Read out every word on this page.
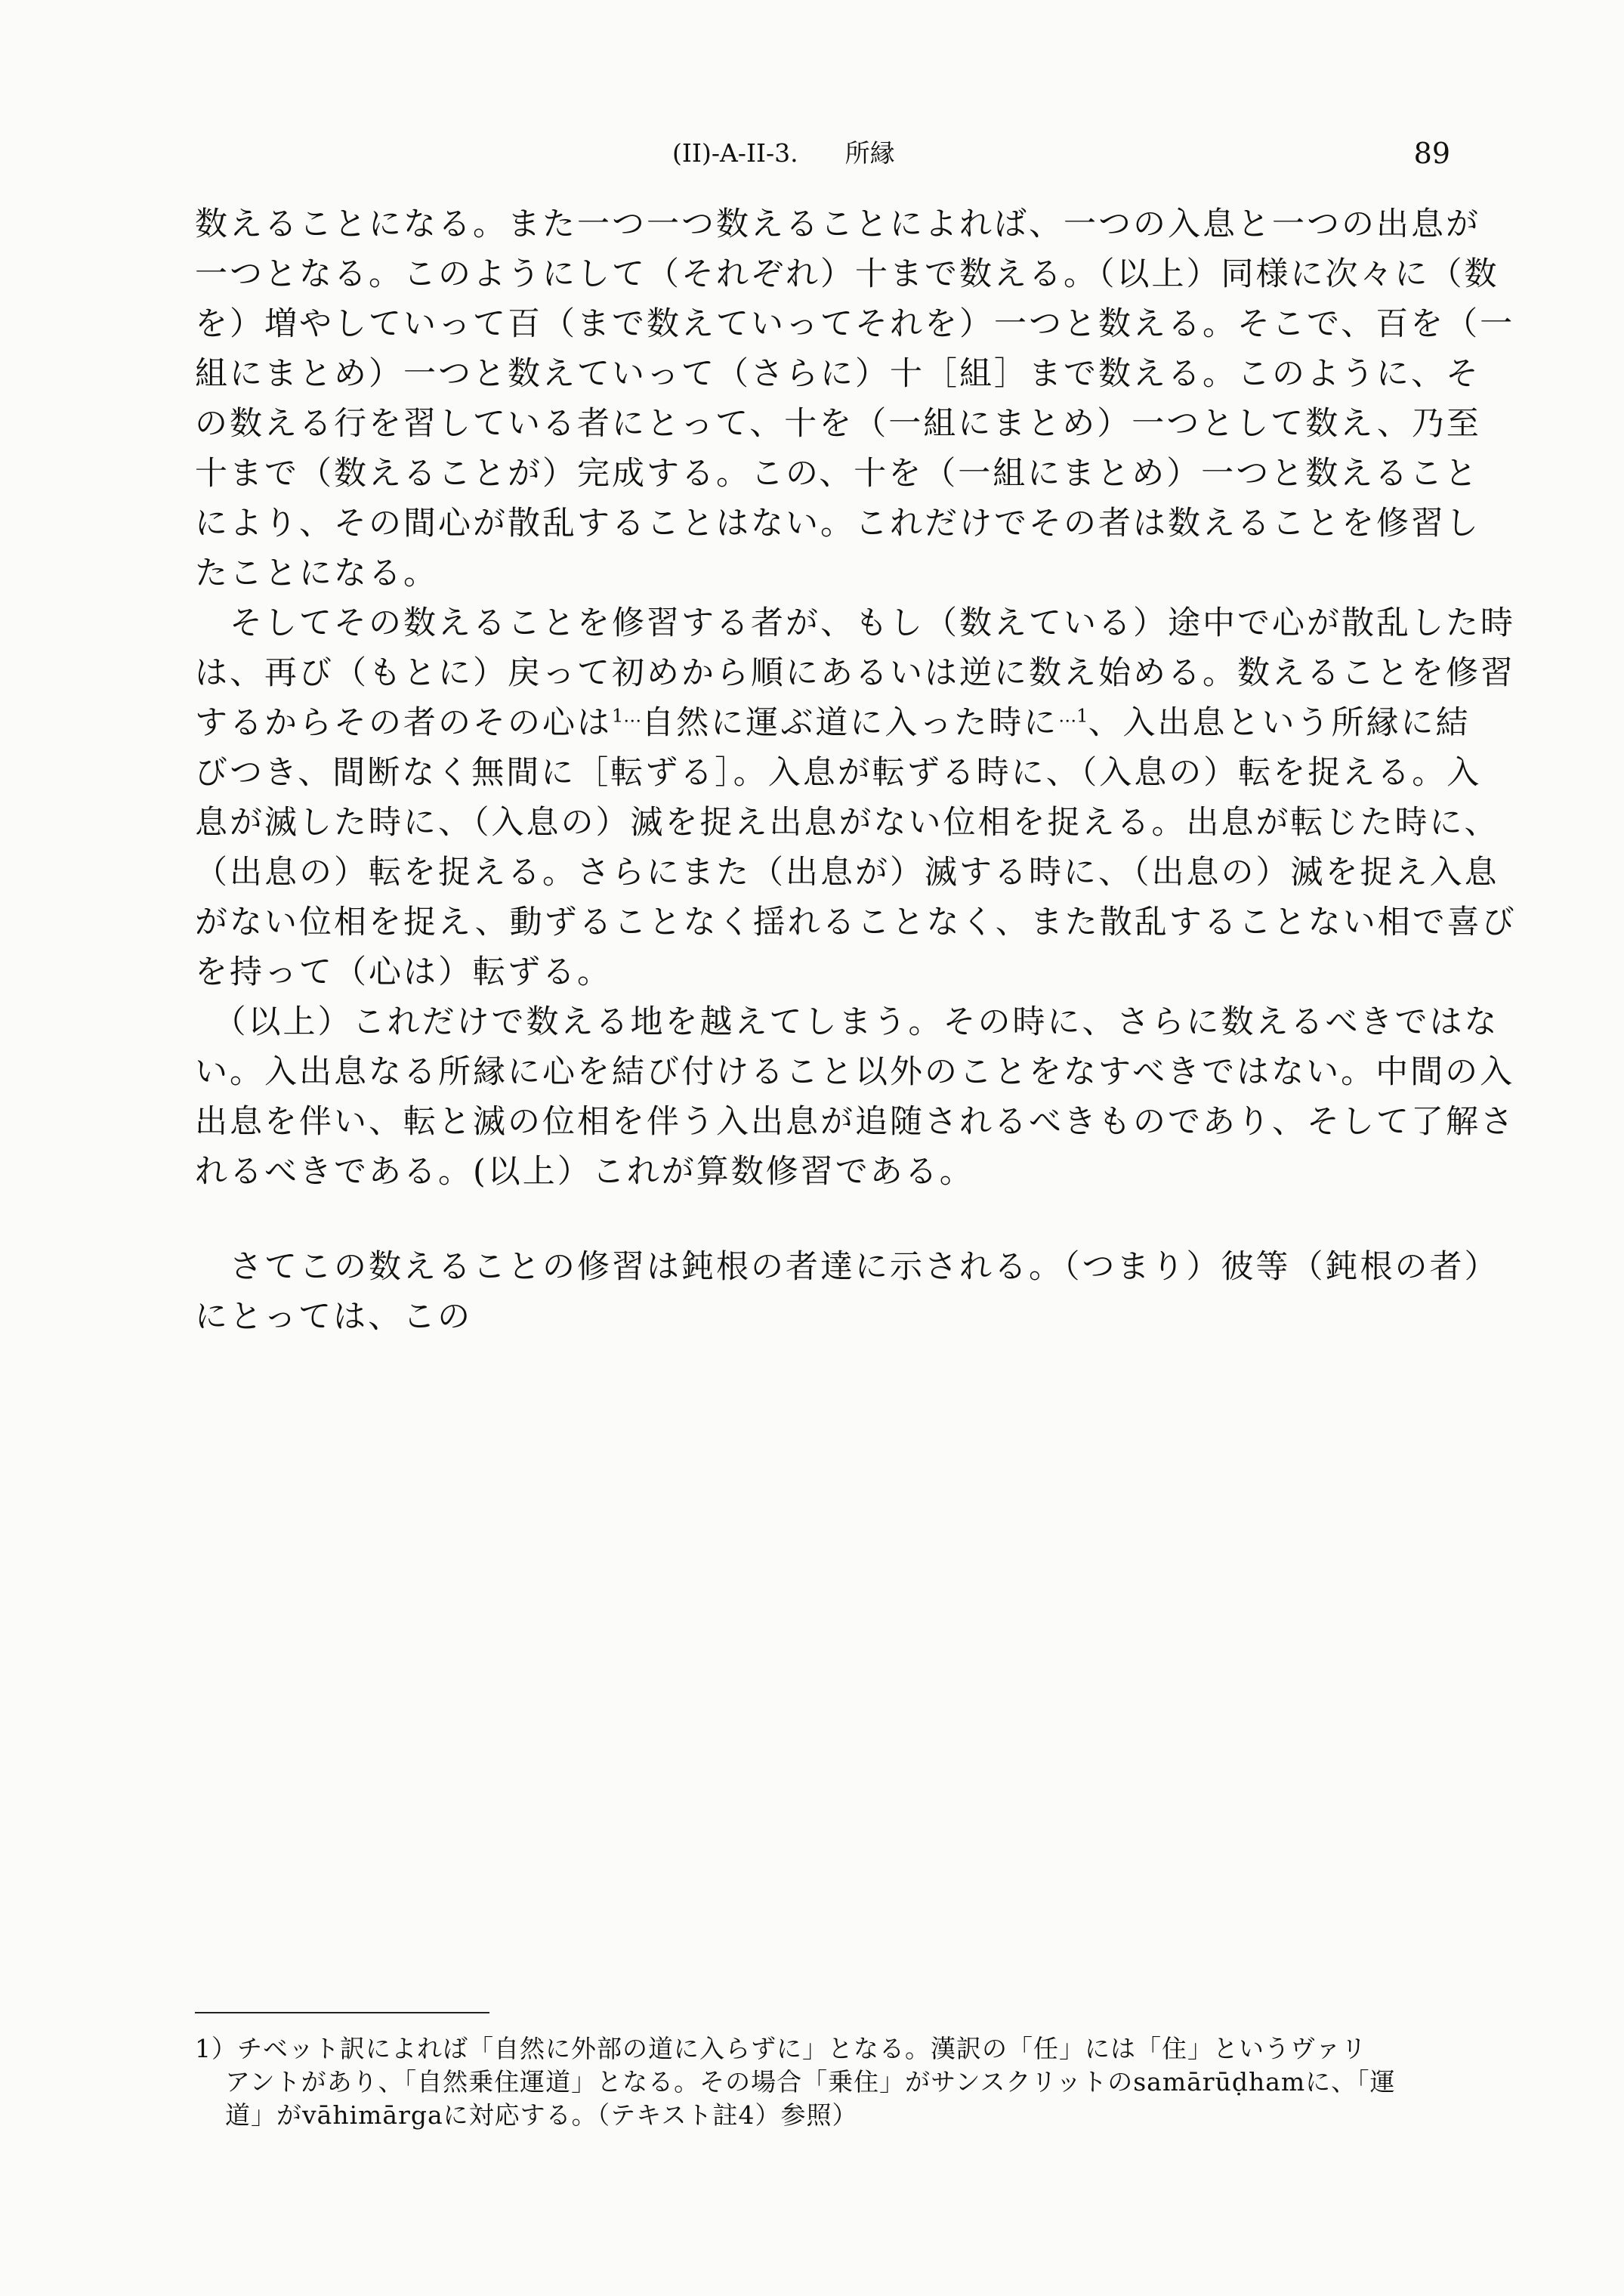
(II)-A-II-3. 所縁	89
数えることになる。また一つ一つ数えることによれば、一つの入息と一つの出息が
一つとなる。このようにして（それぞれ）十まで数える。（以上）同様に次々に（数
を）増やしていって百（まで数えていってそれを）一つと数える。そこで、百を（一
組にまとめ）一つと数えていって（さらに）十［組］まで数える。このように、そ
の数える行を習している者にとって、十を（一組にまとめ）一つとして数え、乃至
十まで（数えることが）完成する。この、十を（一組にまとめ）一つと数えること
により、その間心が散乱することはない。これだけでその者は数えることを修習し
たことになる。
　そしてその数えることを修習する者が、もし（数えている）途中で心が散乱した時
は、再び（もとに）戻って初めから順にあるいは逆に数え始める。数えることを修習
するからその者のその心は$^{1\dots}$自然に運ぶ道に入った時に$^{\dots 1}$、入出息という所縁に結
びつき、間断なく無間に［転ずる］。入息が転ずる時に、（入息の）転を捉える。入
息が滅した時に、（入息の）滅を捉え出息がない位相を捉える。出息が転じた時に、
（出息の）転を捉える。さらにまた（出息が）滅する時に、（出息の）滅を捉え入息
がない位相を捉え、動ずることなく揺れることなく、また散乱することない相で喜び
を持って（心は）転ずる。
　（以上）これだけで数える地を越えてしまう。その時に、さらに数えるべきではな
い。入出息なる所縁に心を結び付けること以外のことをなすべきではない。中間の入
出息を伴い、転と滅の位相を伴う入出息が追随されるべきものであり、そして了解さ
れるべきである。(以上）これが算数修習である。
　さてこの数えることの修習は鈍根の者達に示される。（つまり）彼等（鈍根の者）
にとっては、この
1）チベット訳によれば「自然に外部の道に入らずに」となる。漢訳の「任」には「住」というヴァリ
アントがあり、「自然乗住運道」となる。その場合「乗住」がサンスクリットのsamārūḍhamに、「運
道」がvāhimārgaに対応する。（テキスト註4）参照）
